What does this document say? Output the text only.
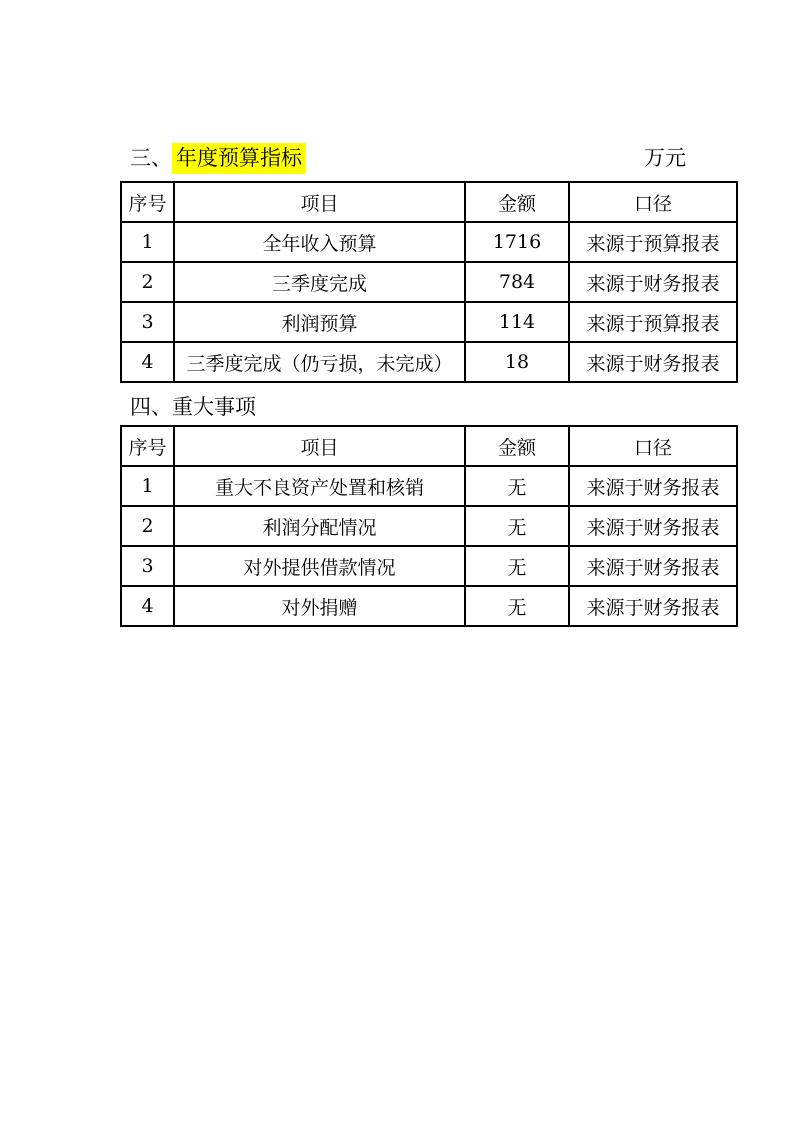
三、 年度预算指标	万元
序号	项目	金额	口径
1	全年收入预算	1716	来源于预算报表
2	三季度完成	784	来源于财务报表
3	利润预算	114	来源于预算报表
4	三季度完成（仍亏损，未完成）	18	来源于财务报表
四、重大事项
序号	项目	金额	口径
1	重大不良资产处置和核销	无	来源于财务报表
2	利润分配情况	无	来源于财务报表
3	对外提供借款情况	无	来源于财务报表
4	对外捐赠	无	来源于财务报表
